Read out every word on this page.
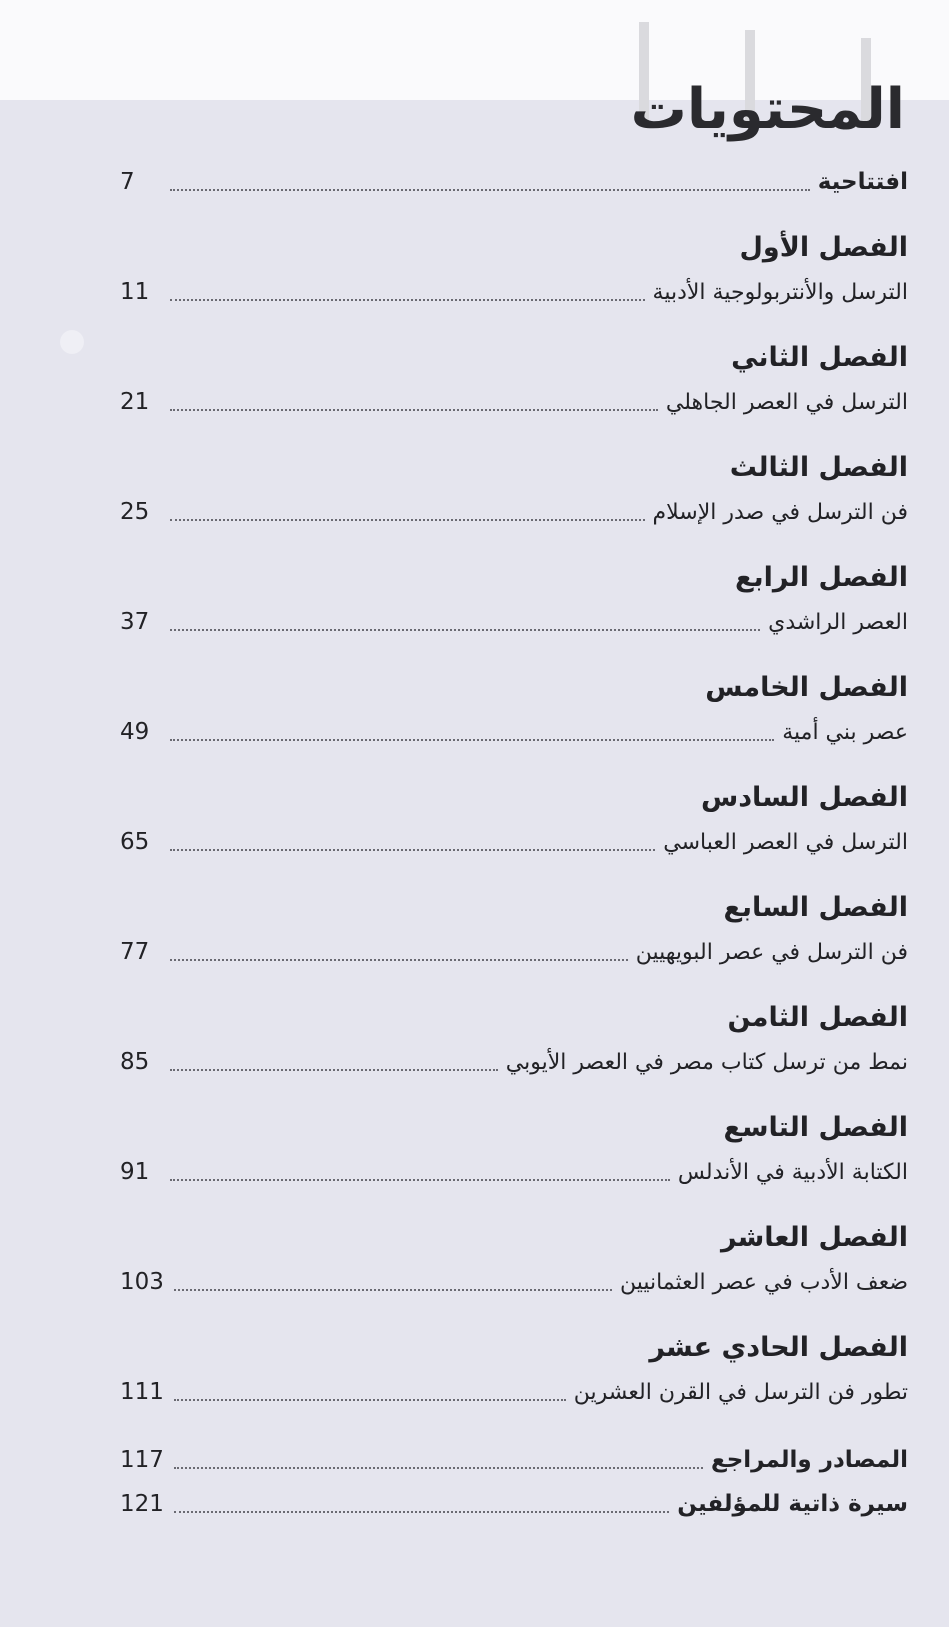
المحتويات
افتتاحية
7
الفصل الأول
الترسل والأنتربولوجية الأدبية
11
الفصل الثاني
الترسل في العصر الجاهلي
21
الفصل الثالث
فن الترسل في صدر الإسلام
25
الفصل الرابع
العصر الراشدي
37
الفصل الخامس
عصر بني أمية
49
الفصل السادس
الترسل في العصر العباسي
65
الفصل السابع
فن الترسل في عصر البويهيين
77
الفصل الثامن
نمط من ترسل كتاب مصر في العصر الأيوبي
85
الفصل التاسع
الكتابة الأدبية في الأندلس
91
الفصل العاشر
ضعف الأدب في عصر العثمانيين
103
الفصل الحادي عشر
تطور فن الترسل في القرن العشرين
111
المصادر والمراجع
117
سيرة ذاتية للمؤلفين
121
